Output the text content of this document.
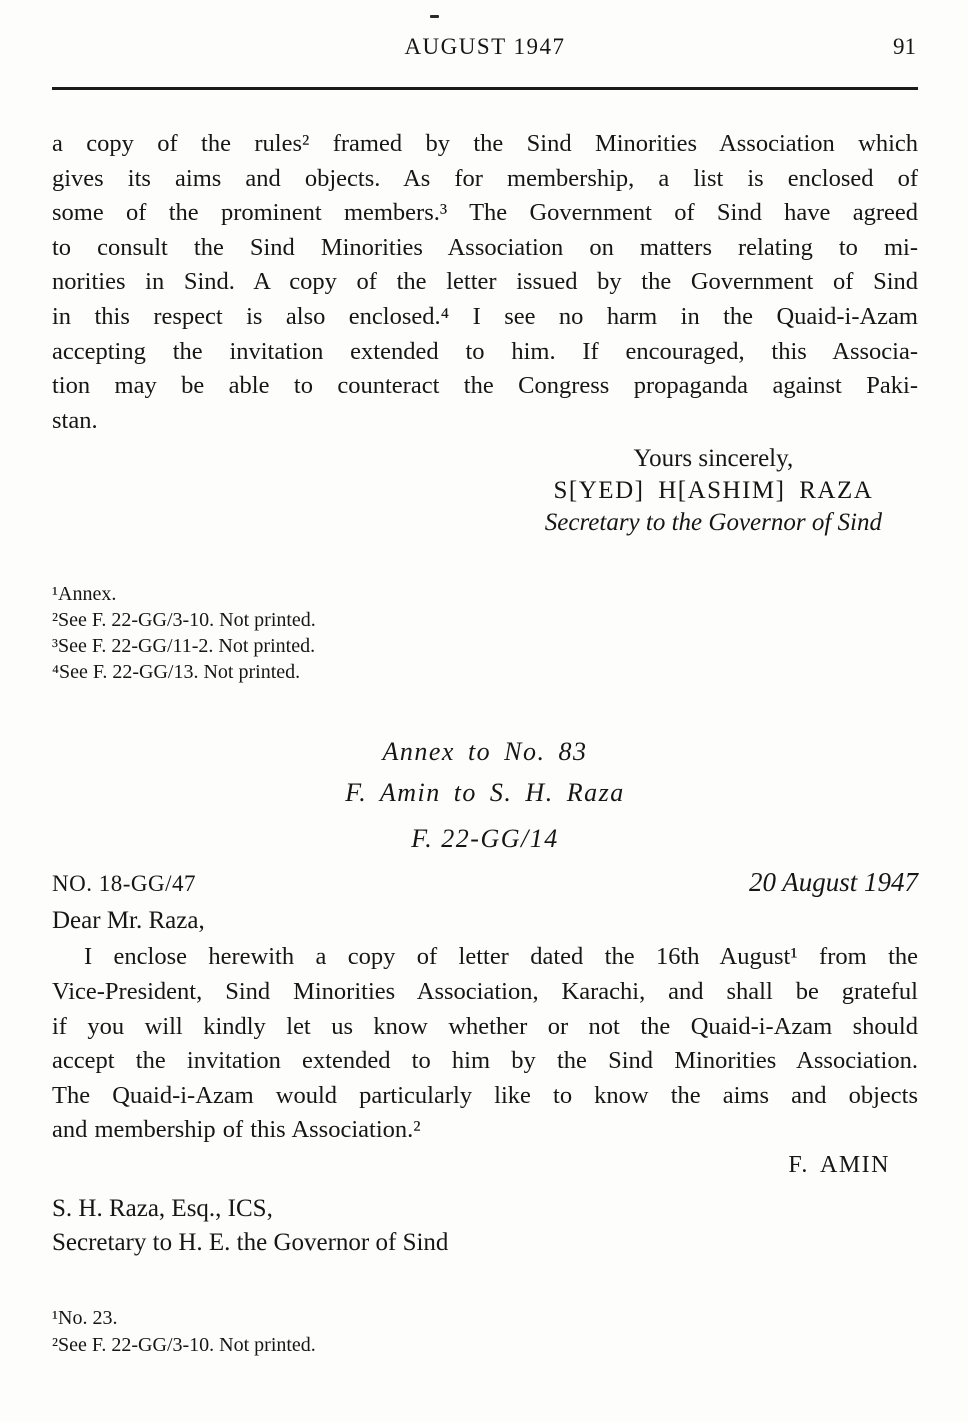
AUGUST 1947	91
a copy of the rules² framed by the Sind Minorities Association which
gives its aims and objects. As for membership, a list is enclosed of
some of the prominent members.³ The Government of Sind have agreed
to consult the Sind Minorities Association on matters relating to mi-
norities in Sind. A copy of the letter issued by the Government of Sind
in this respect is also enclosed.⁴ I see no harm in the Quaid-i-Azam
accepting the invitation extended to him. If encouraged, this Associa-
tion may be able to counteract the Congress propaganda against Paki-
stan.
Yours sincerely,
S[YED] H[ASHIM] RAZA
Secretary to the Governor of Sind
¹Annex.
²See F. 22-GG/3-10. Not printed.
³See F. 22-GG/11-2. Not printed.
⁴See F. 22-GG/13. Not printed.
Annex to No. 83
F. Amin to S. H. Raza
F. 22-GG/14
NO. 18-GG/47	20 August 1947
Dear Mr. Raza,
I enclose herewith a copy of letter dated the 16th August¹ from the
Vice-President, Sind Minorities Association, Karachi, and shall be grateful
if you will kindly let us know whether or not the Quaid-i-Azam should
accept the invitation extended to him by the Sind Minorities Association.
The Quaid-i-Azam would particularly like to know the aims and objects
and membership of this Association.²
F. AMIN
S. H. Raza, Esq., ICS,
Secretary to H. E. the Governor of Sind
¹No. 23.
²See F. 22-GG/3-10. Not printed.
